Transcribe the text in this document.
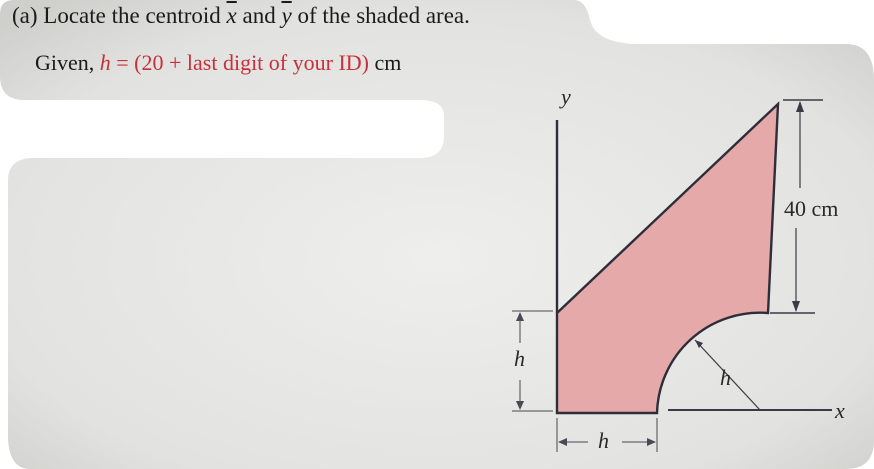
(a) Locate the centroid $\overline{x}$ and $\overline{y}$ of the shaded area.
Given, h = (20 + last digit of your ID) cm
y
x
40 cm
h
h
h
